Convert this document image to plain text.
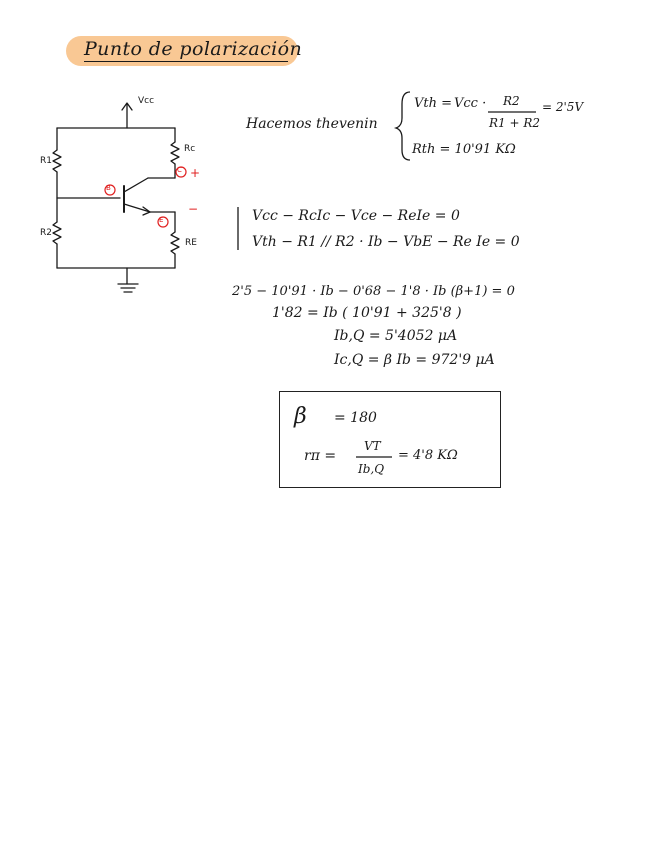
Punto de polarización
Vcc
R1
R2
Rc
RE
B
C
E
+
−
Hacemos thevenin
Vth = Vcc · R2
R1 + R2
= 2'5V
Rth = 10'91 KΩ
Vcc − RcIc − Vce − ReIe = 0
Vth − R1 // R2 · Ib − VbE − Re Ie = 0
2'5 − 10'91 · Ib − 0'68 − 1'8 · Ib (β+1) = 0
1'82 = Ib ( 10'91 + 325'8 )
Ib,Q = 5'4052 μA
Ic,Q = β Ib = 972'9 μA
β = 180
rπ =
VT
Ib,Q
= 4'8 KΩ
